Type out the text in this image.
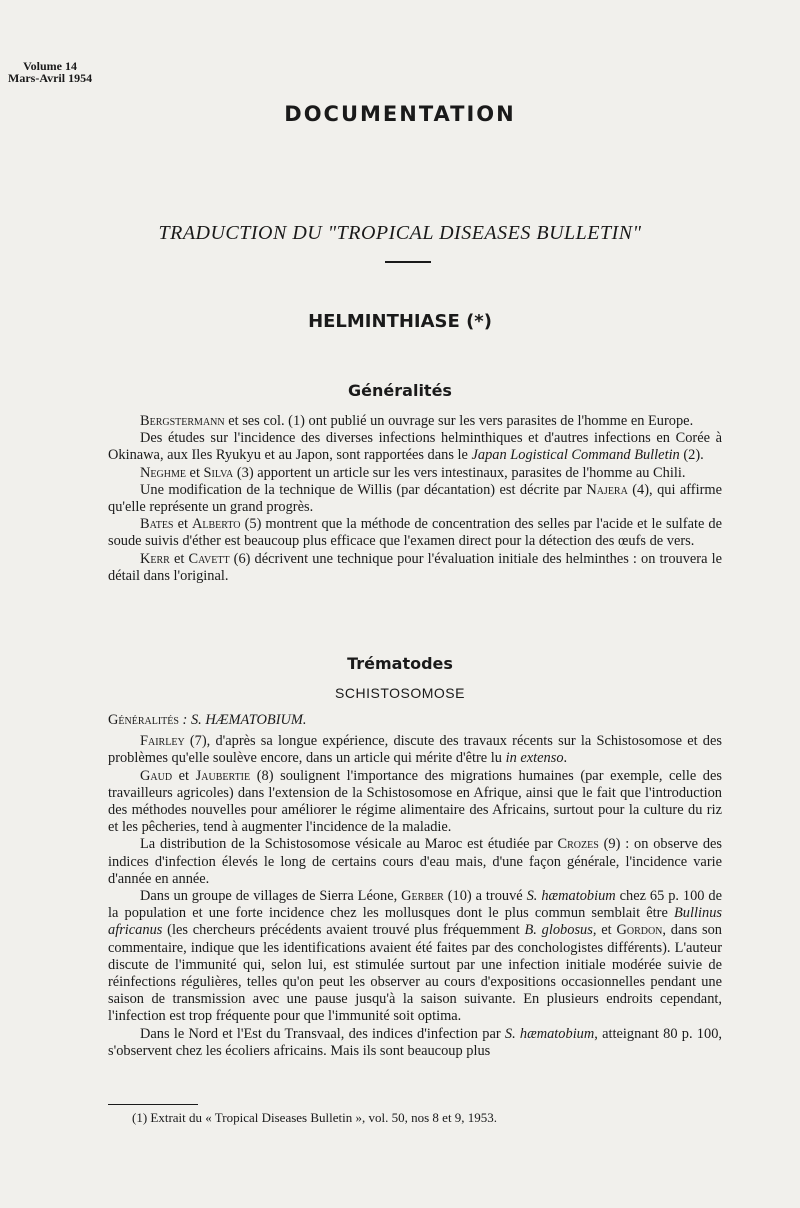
Volume 14
Mars-Avril 1954
DOCUMENTATION
TRADUCTION DU "TROPICAL DISEASES BULLETIN"
HELMINTHIASE (*)
Généralités

Bergstermann et ses col. (1) ont publié un ouvrage sur les vers parasites de l'homme en Europe.

Des études sur l'incidence des diverses infections helminthiques et d'autres infections en Corée à Okinawa, aux Iles Ryukyu et au Japon, sont rapportées dans le Japan Logistical Command Bulletin (2).

Neghme et Silva (3) apportent un article sur les vers intestinaux, parasites de l'homme au Chili.

Une modification de la technique de Willis (par décantation) est décrite par Najera (4), qui affirme qu'elle représente un grand progrès.

Bates et Alberto (5) montrent que la méthode de concentration des selles par l'acide et le sulfate de soude suivis d'éther est beaucoup plus efficace que l'examen direct pour la détection des œufs de vers.

Kerr et Cavett (6) décrivent une technique pour l'évaluation initiale des helminthes : on trouvera le détail dans l'original.

Trématodes
SCHISTOSOMOSE

Généralités : S. HÆMATOBIUM.

Fairley (7), d'après sa longue expérience, discute des travaux récents sur la Schistosomose et des problèmes qu'elle soulève encore, dans un article qui mérite d'être lu in extenso.

Gaud et Jaubertie (8) soulignent l'importance des migrations humaines (par exemple, celle des travailleurs agricoles) dans l'extension de la Schistosomose en Afrique, ainsi que le fait que l'introduction des méthodes nouvelles pour améliorer le régime alimentaire des Africains, surtout pour la culture du riz et les pêcheries, tend à augmenter l'incidence de la maladie.

La distribution de la Schistosomose vésicale au Maroc est étudiée par Crozes (9) : on observe des indices d'infection élevés le long de certains cours d'eau mais, d'une façon générale, l'incidence varie d'année en année.

Dans un groupe de villages de Sierra Léone, Gerber (10) a trouvé S. hæmatobium chez 65 p. 100 de la population et une forte incidence chez les mollusques dont le plus commun semblait être Bullinus africanus (les chercheurs précédents avaient trouvé plus fréquemment B. globosus, et Gordon, dans son commentaire, indique que les identifications avaient été faites par des conchologistes différents). L'auteur discute de l'immunité qui, selon lui, est stimulée surtout par une infection initiale modérée suivie de réinfections régulières, telles qu'on peut les observer au cours d'expositions occasionnelles pendant une saison de transmission avec une pause jusqu'à la saison suivante. En plusieurs endroits cependant, l'infection est trop fréquente pour que l'immunité soit optima.

Dans le Nord et l'Est du Transvaal, des indices d'infection par S. hæmatobium, atteignant 80 p. 100, s'observent chez les écoliers africains. Mais ils sont beaucoup plus

(1) Extrait du « Tropical Diseases Bulletin », vol. 50, nos 8 et 9, 1953.
